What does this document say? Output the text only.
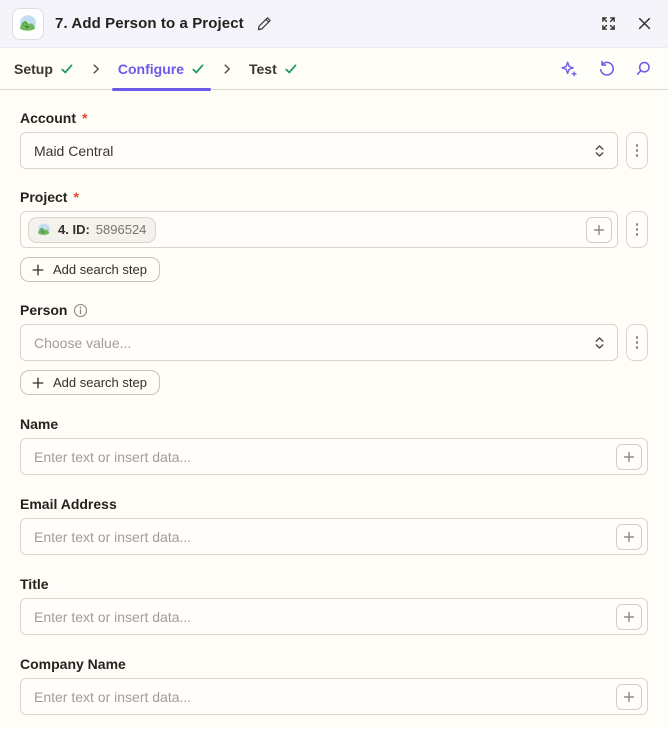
7. Add Person to a Project
Setup	Configure	Test
Account *
Maid Central
Project *
4. ID: 5896524
Add search step
Person
Choose value...
Add search step
Name
Enter text or insert data...
Email Address
Enter text or insert data...
Title
Enter text or insert data...
Company Name
Enter text or insert data...
